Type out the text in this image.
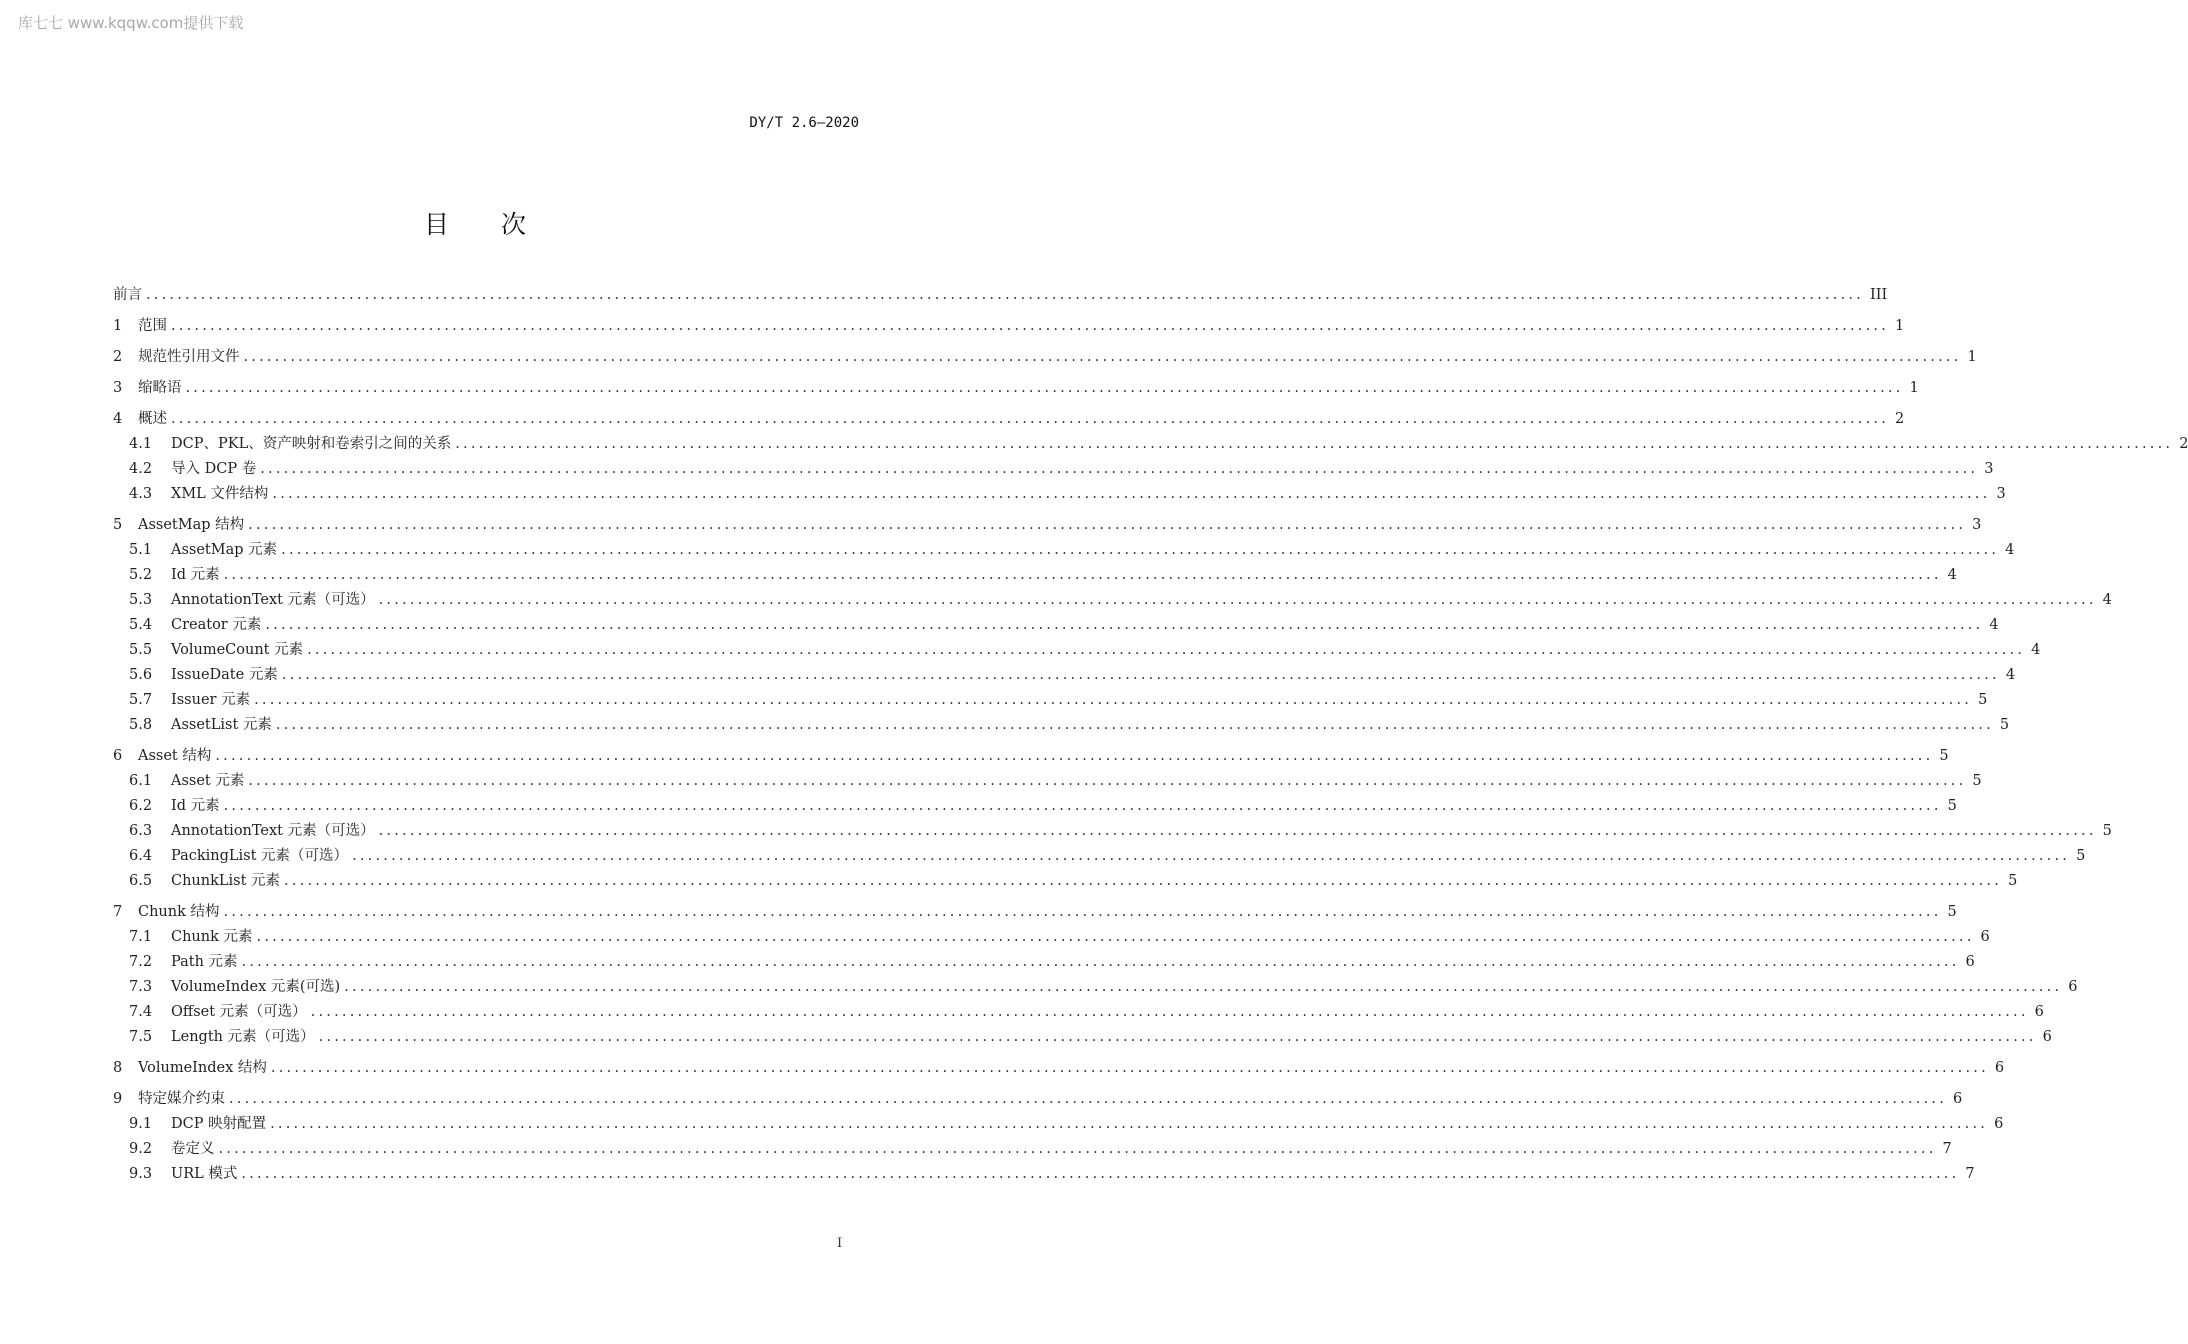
库七七 www.kqqw.com提供下载
DY/T 2.6—2020
目 次
前言 ............................................................................................................................................................................................................................ III
1	范围 ............................................................................................................................................................................................................................ 1
2	规范性引用文件 ............................................................................................................................................................................................................................ 1
3	缩略语 ............................................................................................................................................................................................................................ 1
4	概述 ............................................................................................................................................................................................................................ 2
4.1	DCP、PKL、资产映射和卷索引之间的关系 ............................................................................................................................................................................................................................ 2
4.2	导入 DCP 卷 ............................................................................................................................................................................................................................ 3
4.3	XML 文件结构 ............................................................................................................................................................................................................................ 3
5	AssetMap 结构 ............................................................................................................................................................................................................................ 3
5.1	AssetMap 元素 ............................................................................................................................................................................................................................ 4
5.2	Id 元素 ............................................................................................................................................................................................................................ 4
5.3	AnnotationText 元素（可选） ............................................................................................................................................................................................................................ 4
5.4	Creator 元素 ............................................................................................................................................................................................................................ 4
5.5	VolumeCount 元素 ............................................................................................................................................................................................................................ 4
5.6	IssueDate 元素 ............................................................................................................................................................................................................................ 4
5.7	Issuer 元素 ............................................................................................................................................................................................................................ 5
5.8	AssetList 元素 ............................................................................................................................................................................................................................ 5
6	Asset 结构 ............................................................................................................................................................................................................................ 5
6.1	Asset 元素 ............................................................................................................................................................................................................................ 5
6.2	Id 元素 ............................................................................................................................................................................................................................ 5
6.3	AnnotationText 元素（可选） ............................................................................................................................................................................................................................ 5
6.4	PackingList 元素（可选） ............................................................................................................................................................................................................................ 5
6.5	ChunkList 元素 ............................................................................................................................................................................................................................ 5
7	Chunk 结构 ............................................................................................................................................................................................................................ 5
7.1	Chunk 元素 ............................................................................................................................................................................................................................ 6
7.2	Path 元素 ............................................................................................................................................................................................................................ 6
7.3	VolumeIndex 元素(可选) ............................................................................................................................................................................................................................ 6
7.4	Offset 元素（可选） ............................................................................................................................................................................................................................ 6
7.5	Length 元素（可选） ............................................................................................................................................................................................................................ 6
8	VolumeIndex 结构 ............................................................................................................................................................................................................................ 6
9	特定媒介约束 ............................................................................................................................................................................................................................ 6
9.1	DCP 映射配置 ............................................................................................................................................................................................................................ 6
9.2	卷定义 ............................................................................................................................................................................................................................ 7
9.3	URL 模式 ............................................................................................................................................................................................................................ 7
I
